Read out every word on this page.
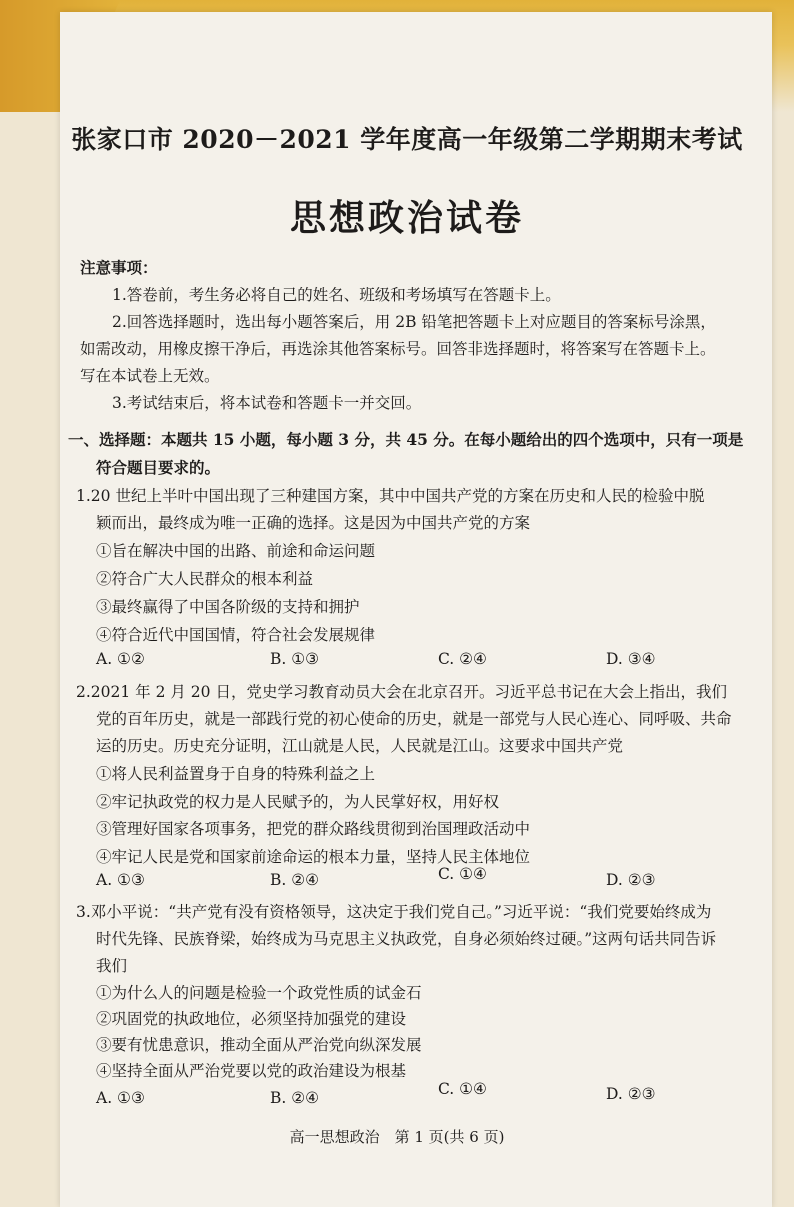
张家口市 2020－2021 学年度高一年级第二学期期末考试
思想政治试卷
注意事项：
1.答卷前，考生务必将自己的姓名、班级和考场填写在答题卡上。
2.回答选择题时，选出每小题答案后，用 2B 铅笔把答题卡上对应题目的答案标号涂黑，
如需改动，用橡皮擦干净后，再选涂其他答案标号。回答非选择题时，将答案写在答题卡上。
写在本试卷上无效。
3.考试结束后，将本试卷和答题卡一并交回。
一、选择题：本题共 15 小题，每小题 3 分，共 45 分。在每小题给出的四个选项中，只有一项是
符合题目要求的。
1.20 世纪上半叶中国出现了三种建国方案，其中中国共产党的方案在历史和人民的检验中脱
颖而出，最终成为唯一正确的选择。这是因为中国共产党的方案
①旨在解决中国的出路、前途和命运问题
②符合广大人民群众的根本利益
③最终赢得了中国各阶级的支持和拥护
④符合近代中国国情，符合社会发展规律
A. ①②	B. ①③	C. ②④	D. ③④
2.2021 年 2 月 20 日，党史学习教育动员大会在北京召开。习近平总书记在大会上指出，我们
党的百年历史，就是一部践行党的初心使命的历史，就是一部党与人民心连心、同呼吸、共命
运的历史。历史充分证明，江山就是人民，人民就是江山。这要求中国共产党
①将人民利益置身于自身的特殊利益之上
②牢记执政党的权力是人民赋予的，为人民掌好权，用好权
③管理好国家各项事务，把党的群众路线贯彻到治国理政活动中
④牢记人民是党和国家前途命运的根本力量，坚持人民主体地位
A. ①③	B. ②④	C. ①④	D. ②③
3.邓小平说：“共产党有没有资格领导，这决定于我们党自己。”习近平说：“我们党要始终成为
时代先锋、民族脊梁，始终成为马克思主义执政党，自身必须始终过硬。”这两句话共同告诉
我们
①为什么人的问题是检验一个政党性质的试金石
②巩固党的执政地位，必须坚持加强党的建设
③要有忧患意识，推动全面从严治党向纵深发展
④坚持全面从严治党要以党的政治建设为根基
A. ①③	B. ②④	C. ①④	D. ②③
高一思想政治　第 1 页(共 6 页)
